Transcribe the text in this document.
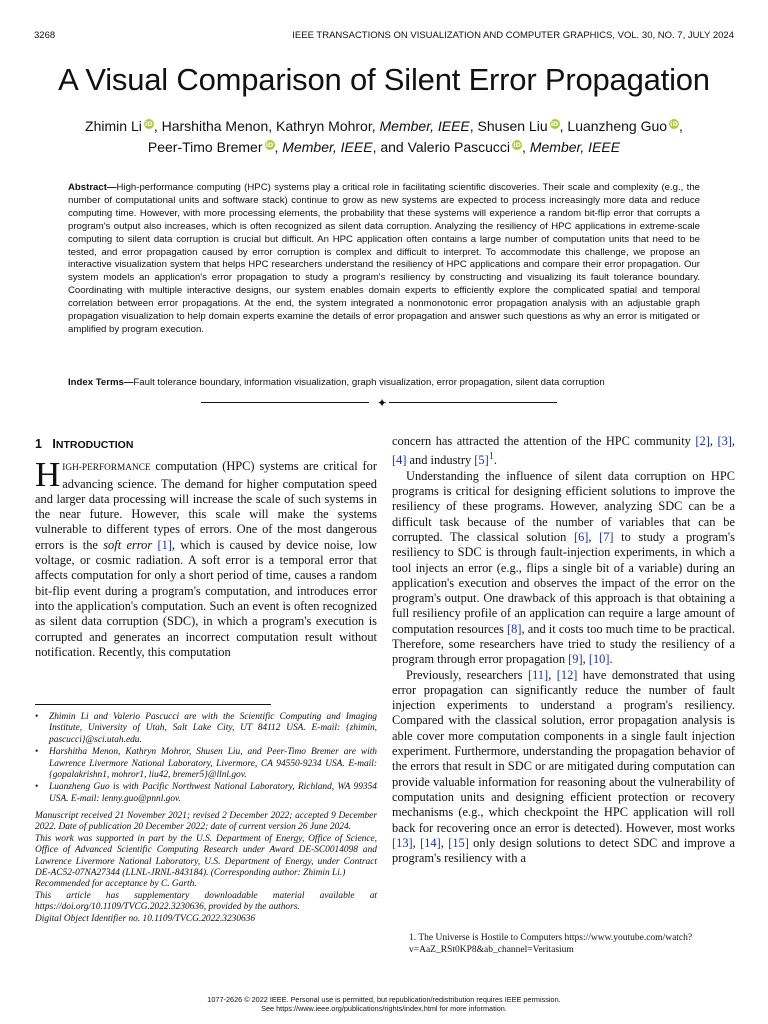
3268	IEEE TRANSACTIONS ON VISUALIZATION AND COMPUTER GRAPHICS, VOL. 30, NO. 7, JULY 2024
A Visual Comparison of Silent Error Propagation
Zhimin Li iD, Harshitha Menon, Kathryn Mohror, Member, IEEE, Shusen Liu iD, Luanzheng Guo iD,
Peer-Timo Bremer iD, Member, IEEE, and Valerio Pascucci iD, Member, IEEE
Abstract—High-performance computing (HPC) systems play a critical role in facilitating scientific discoveries. Their scale and complexity (e.g., the number of computational units and software stack) continue to grow as new systems are expected to process increasingly more data and reduce computing time. However, with more processing elements, the probability that these systems will experience a random bit-flip error that corrupts a program's output also increases, which is often recognized as silent data corruption. Analyzing the resiliency of HPC applications in extreme-scale computing to silent data corruption is crucial but difficult. An HPC application often contains a large number of computation units that need to be tested, and error propagation caused by error corruption is complex and difficult to interpret. To accommodate this challenge, we propose an interactive visualization system that helps HPC researchers understand the resiliency of HPC applications and compare their error propagation. Our system models an application's error propagation to study a program's resiliency by constructing and visualizing its fault tolerance boundary. Coordinating with multiple interactive designs, our system enables domain experts to efficiently explore the complicated spatial and temporal correlation between error propagations. At the end, the system integrated a nonmonotonic error propagation analysis with an adjustable graph propagation visualization to help domain experts examine the details of error propagation and answer such questions as why an error is mitigated or amplified by program execution.
Index Terms—Fault tolerance boundary, information visualization, graph visualization, error propagation, silent data corruption
✦
1 INTRODUCTION

HIGH-PERFORMANCE computation (HPC) systems are critical for advancing science. The demand for higher computation speed and larger data processing will increase the scale of such systems in the near future. However, this scale will make the systems vulnerable to different types of errors. One of the most dangerous errors is the soft error [1], which is caused by device noise, low voltage, or cosmic radiation. A soft error is a temporal error that affects computation for only a short period of time, causes a random bit-flip event during a program's computation, and introduces error into the application's computation. Such an event is often recognized as silent data corruption (SDC), in which a program's execution is corrupted and generates an incorrect computation result without notification. Recently, this computation

concern has attracted the attention of the HPC community [2], [3], [4] and industry [5]$^1$.

Understanding the influence of silent data corruption on HPC programs is critical for designing efficient solutions to improve the resiliency of these programs. However, analyzing SDC can be a difficult task because of the number of variables that can be corrupted. The classical solution [6], [7] to study a program's resiliency to SDC is through fault-injection experiments, in which a tool injects an error (e.g., flips a single bit of a variable) during an application's execution and observes the impact of the error on the program's output. One drawback of this approach is that obtaining a full resiliency profile of an application can require a large amount of computation resources [8], and it costs too much time to be practical. Therefore, some researchers have tried to study the resiliency of a program through error propagation [9], [10].

Previously, researchers [11], [12] have demonstrated that using error propagation can significantly reduce the number of fault injection experiments to understand a program's resiliency. Compared with the classical solution, error propagation analysis is able cover more computation components in a single fault injection experiment. Furthermore, understanding the propagation behavior of the errors that result in SDC or are mitigated during computation can provide valuable information for reasoning about the vulnerability of computation units and designing efficient protection or recovery mechanisms (e.g., which checkpoint the HPC application will roll back for recovering once an error is detected). However, most works [13], [14], [15] only design solutions to detect SDC and improve a program's resiliency with a

• Zhimin Li and Valerio Pascucci are with the Scientific Computing and Imaging Institute, University of Utah, Salt Lake City, UT 84112 USA. E-mail: {zhimin, pascucci}@sci.utah.edu.
• Harshitha Menon, Kathryn Mohror, Shusen Liu, and Peer-Timo Bremer are with Lawrence Livermore National Laboratory, Livermore, CA 94550-9234 USA. E-mail: {gopalakrishn1, mohror1, liu42, bremer5}@llnl.gov.
• Luanzheng Guo is with Pacific Northwest National Laboratory, Richland, WA 99354 USA. E-mail: lenny.guo@pnnl.gov.

Manuscript received 21 November 2021; revised 2 December 2022; accepted 9 December 2022. Date of publication 20 December 2022; date of current version 26 June 2024.

This work was supported in part by the U.S. Department of Energy, Office of Science, Office of Advanced Scientific Computing Research under Award DE-SC0014098 and Lawrence Livermore National Laboratory, U.S. Department of Energy, under Contract DE-AC52-07NA27344 (LLNL-JRNL-843184). (Corresponding author: Zhimin Li.)

Recommended for acceptance by C. Garth.

This article has supplementary downloadable material available at https://doi.org/10.1109/TVCG.2022.3230636, provided by the authors.

Digital Object Identifier no. 10.1109/TVCG.2022.3230636

1. The Universe is Hostile to Computers https://www.youtube.com/watch?v=AaZ_RSt0KP8&ab_channel=Veritasium

1077-2626 © 2022 IEEE. Personal use is permitted, but republication/redistribution requires IEEE permission.
See https://www.ieee.org/publications/rights/index.html for more information.
